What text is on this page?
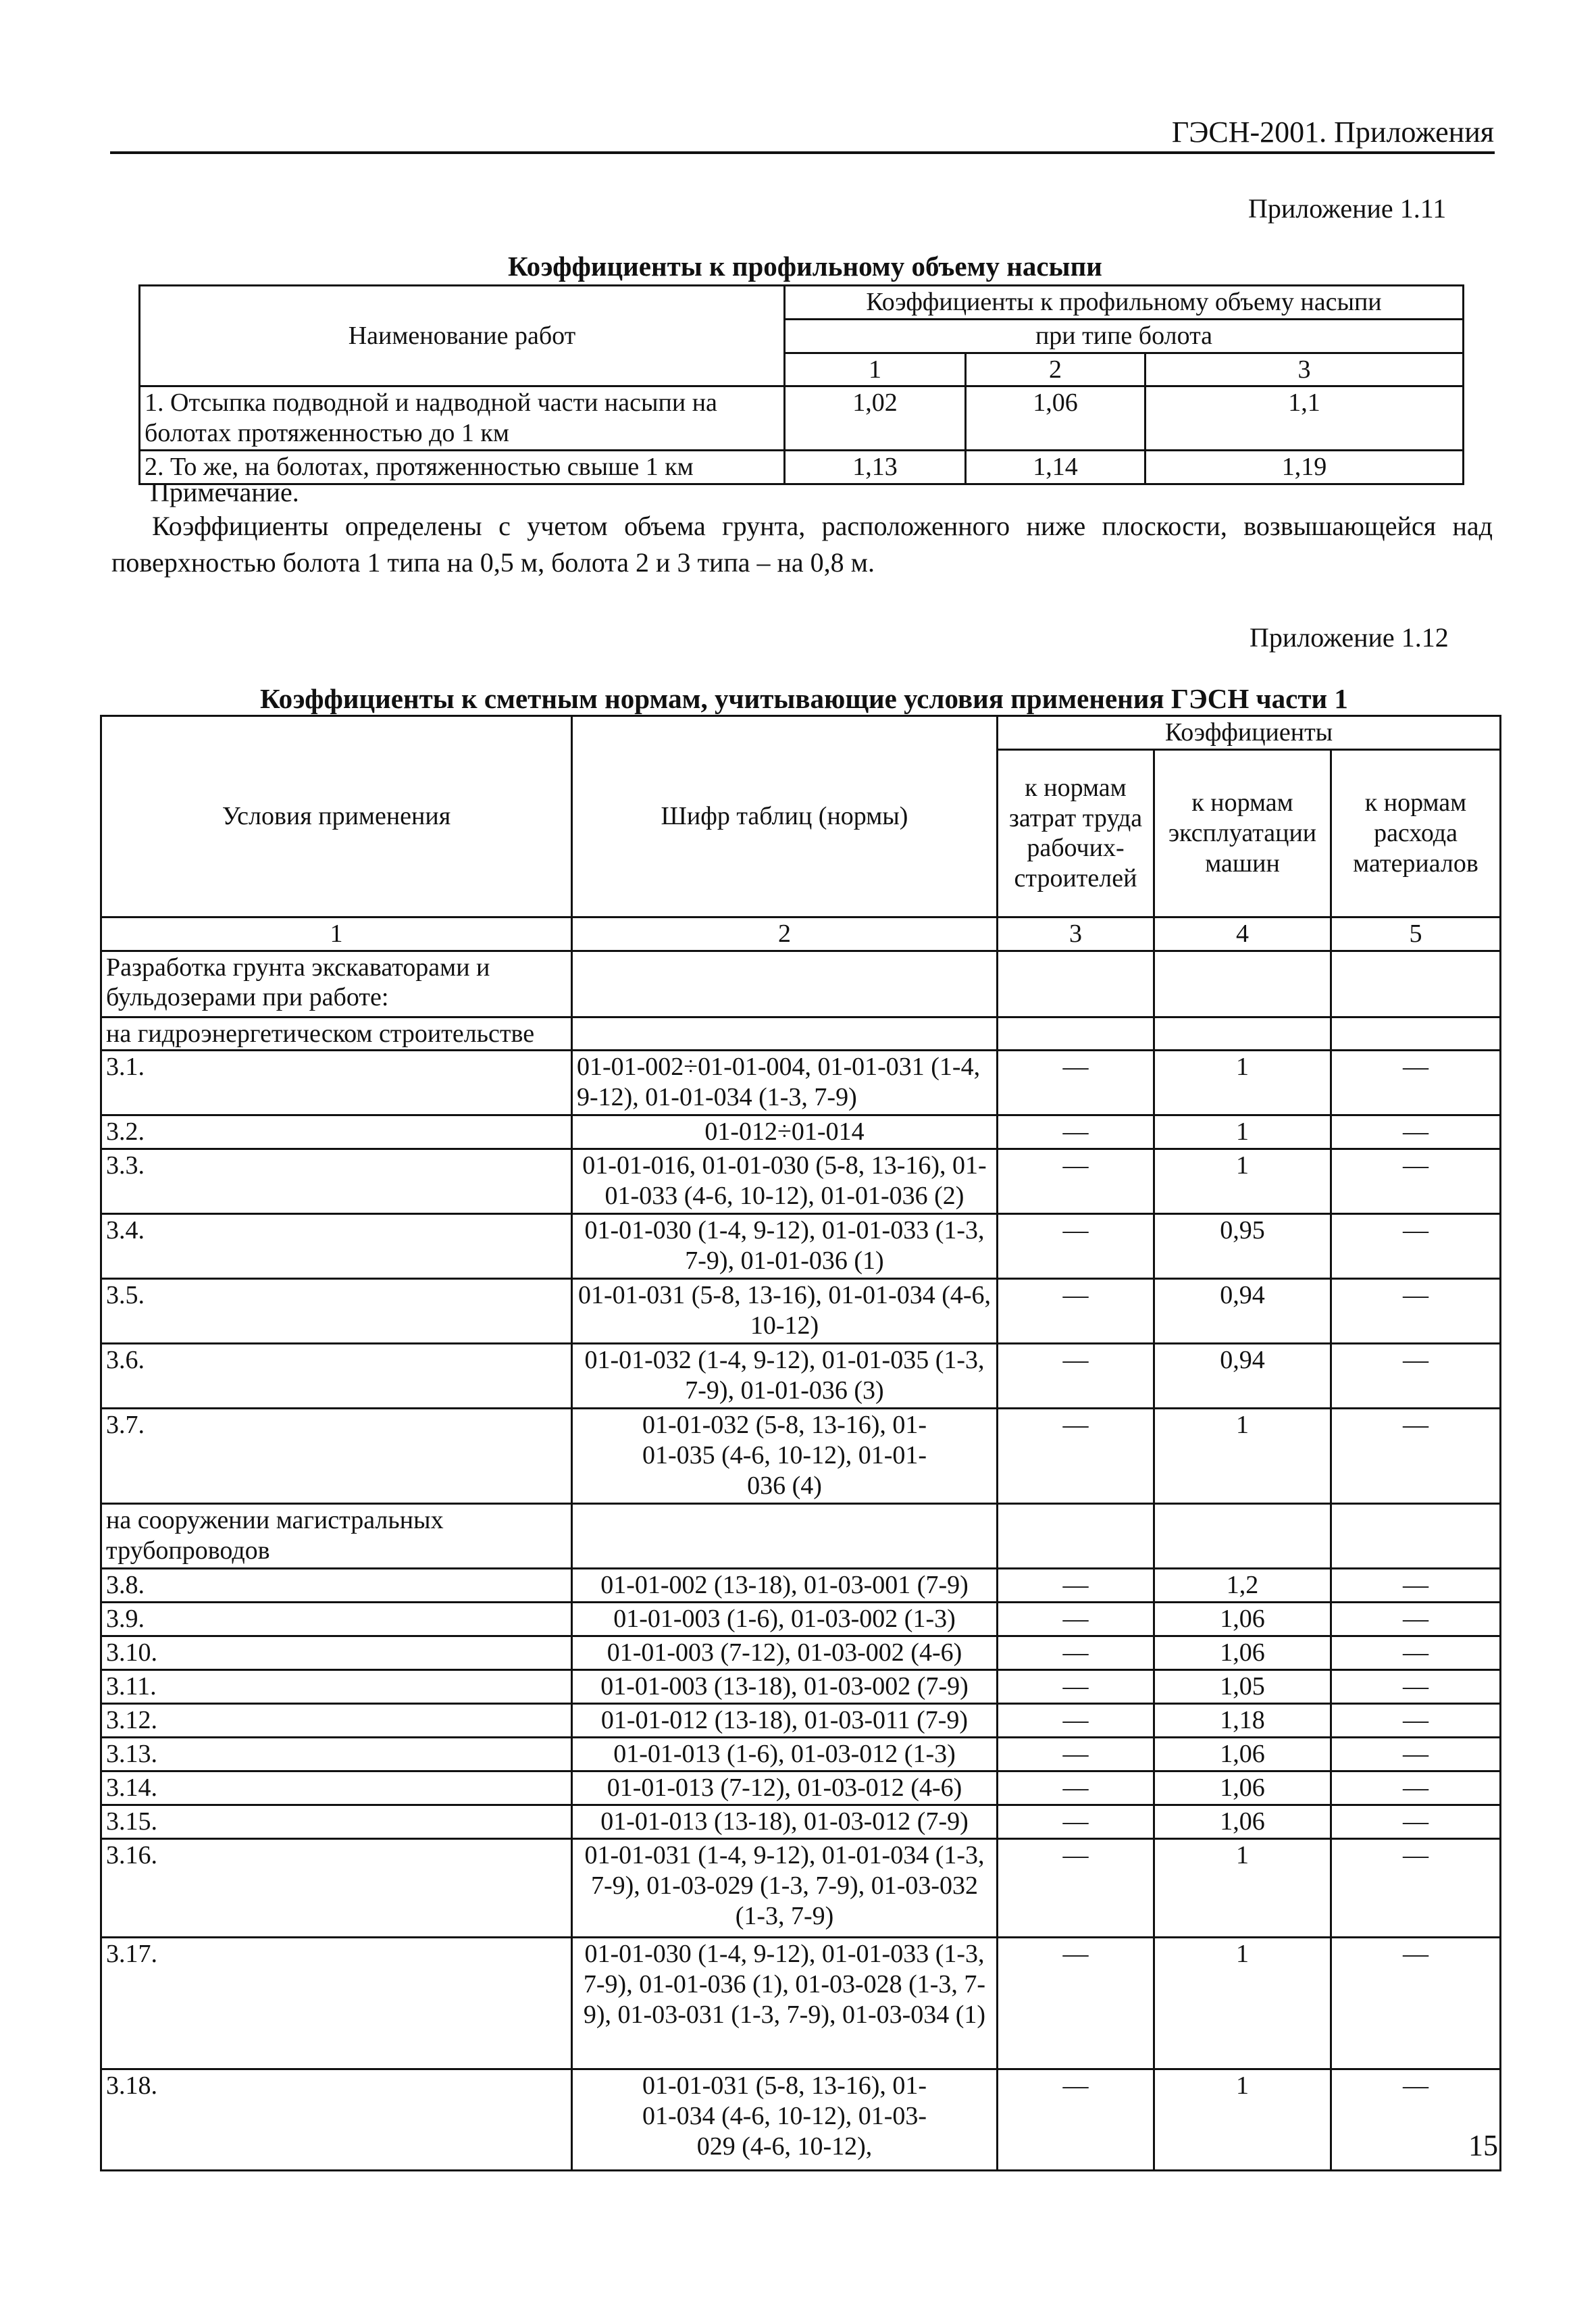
ГЭСН-2001. Приложения
Приложение 1.11
Коэффициенты к профильному объему насыпи
Наименование работ	Коэффициенты к профильному объему насыпи		
	при типе болота		
	1	2	3
1. Отсыпка подводной и надводной части насыпи на болотах протяженностью до 1 км	1,02	1,06	1,1
2. То же, на болотах, протяженностью свыше 1 км	1,13	1,14	1,19
Примечание.
Коэффициенты определены с учетом объема грунта, расположенного ниже плоскости, возвышающейся над поверхностью болота 1 типа на 0,5 м, болота 2 и 3 типа – на 0,8 м.
Приложение 1.12
Коэффициенты к сметным нормам, учитывающие условия применения ГЭСН части 1
Условия применения	Шифр таблиц (нормы)	Коэффициенты		
		к нормам затрат труда рабочих-строителей	к нормам эксплуатации машин	к нормам расхода материалов
1	2	3	4	5
Разработка грунта экскаваторами и бульдозерами при работе:				
на гидроэнергетическом строительстве				
3.1.	01-01-002÷01-01-004, 01-01-031 (1-4, 9-12), 01-01-034 (1-3, 7-9)	—	1	—
3.2.	01-012÷01-014	—	1	—
3.3.	01-01-016, 01-01-030 (5-8, 13-16), 01-01-033 (4-6, 10-12), 01-01-036 (2)	—	1	—
3.4.	01-01-030 (1-4, 9-12), 01-01-033 (1-3, 7-9), 01-01-036 (1)	—	0,95	—
3.5.	01-01-031 (5-8, 13-16), 01-01-034 (4-6, 10-12)	—	0,94	—
3.6.	01-01-032 (1-4, 9-12), 01-01-035 (1-3, 7-9), 01-01-036 (3)	—	0,94	—
3.7.	01-01-032 (5-8, 13-16), 01-01-035 (4-6, 10-12), 01-01-036 (4)	—	1	—
на сооружении магистральных трубопроводов				
3.8.	01-01-002 (13-18), 01-03-001 (7-9)	—	1,2	—
3.9.	01-01-003 (1-6), 01-03-002 (1-3)	—	1,06	—
3.10.	01-01-003 (7-12), 01-03-002 (4-6)	—	1,06	—
3.11.	01-01-003 (13-18), 01-03-002 (7-9)	—	1,05	—
3.12.	01-01-012 (13-18), 01-03-011 (7-9)	—	1,18	—
3.13.	01-01-013 (1-6), 01-03-012 (1-3)	—	1,06	—
3.14.	01-01-013 (7-12), 01-03-012 (4-6)	—	1,06	—
3.15.	01-01-013 (13-18), 01-03-012 (7-9)	—	1,06	—
3.16.	01-01-031 (1-4, 9-12), 01-01-034 (1-3, 7-9), 01-03-029 (1-3, 7-9), 01-03-032 (1-3, 7-9)	—	1	—
3.17.	01-01-030 (1-4, 9-12), 01-01-033 (1-3, 7-9), 01-01-036 (1), 01-03-028 (1-3, 7-9), 01-03-031 (1-3, 7-9), 01-03-034 (1)	—	1	—
3.18.	01-01-031 (5-8, 13-16), 01-01-034 (4-6, 10-12), 01-03-029 (4-6, 10-12),	—	1	—
15
